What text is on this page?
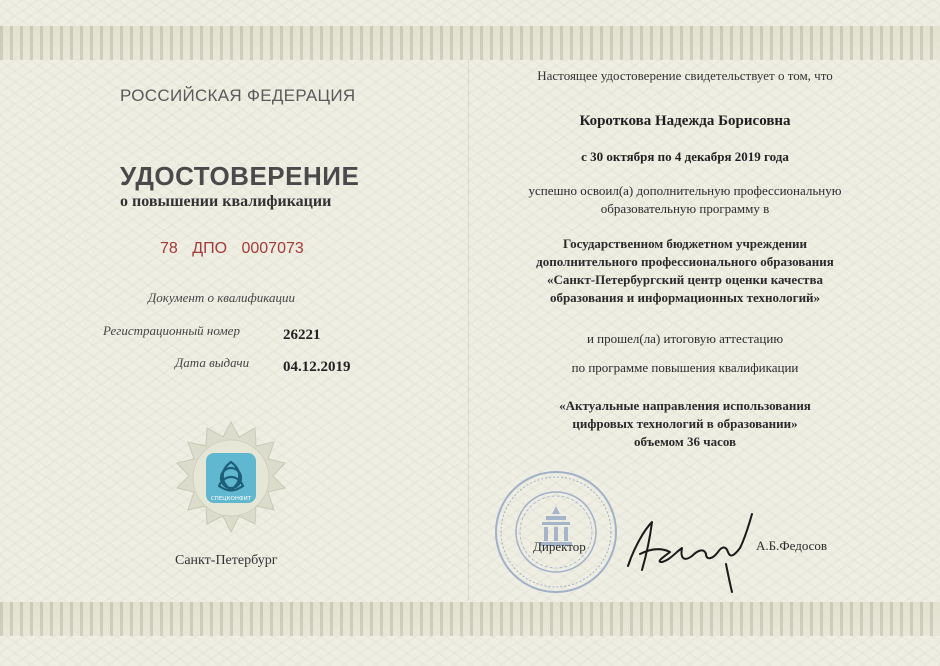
РОССИЙСКАЯ ФЕДЕРАЦИЯ
УДОСТОВЕРЕНИЕ
о повышении квалификации
78 ДПО 0007073
Документ о квалификации
Регистрационный номер	26221
Дата выдачи 04.12.2019
СПЕЦКОНФИТ
Санкт-Петербург
Настоящее удостоверение свидетельствует о том, что
Короткова Надежда Борисовна
с 30 октября по 4 декабря 2019 года
успешно освоил(а) дополнительную профессиональную
образовательную программу в
Государственном бюджетном учреждении
дополнительного профессионального образования
«Санкт-Петербургский центр оценки качества
образования и информационных технологий»
и прошел(ла) итоговую аттестацию
по программе повышения квалификации
«Актуальные направления использования
цифровых технологий в образовании»
объемом 36 часов
Директор	А.Б.Федосов
